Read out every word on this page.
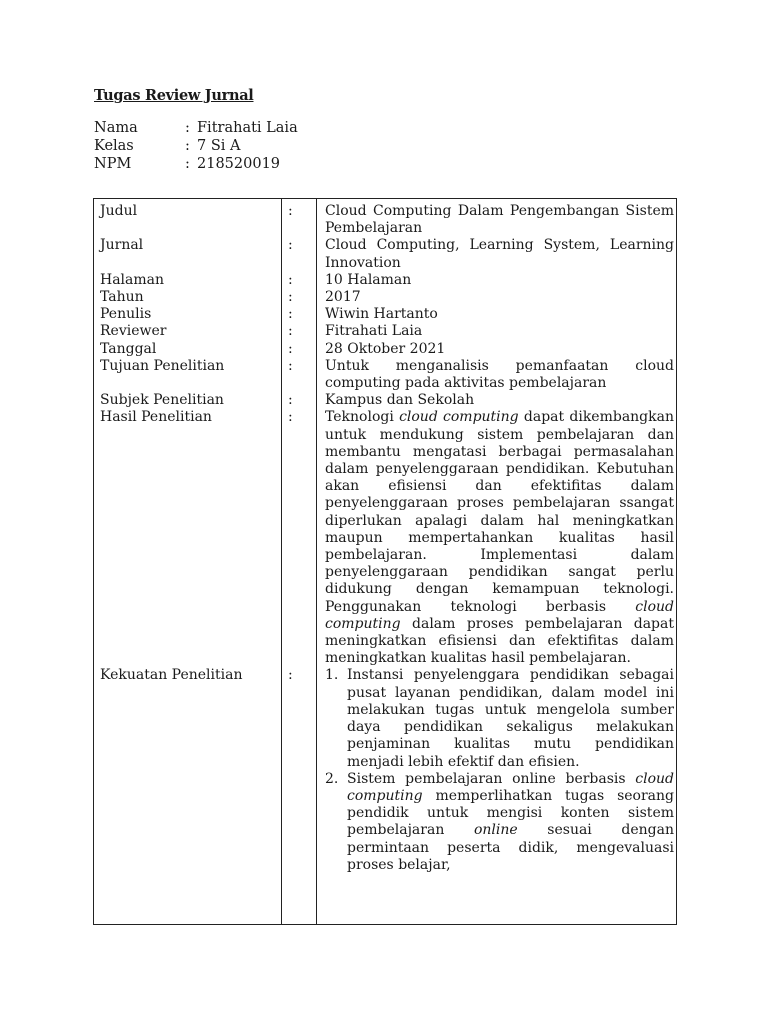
Tugas Review Jurnal
Nama	: Fitrahati Laia
Kelas	: 7 Si A
NPM	: 218520019
Judul	:	Cloud Computing Dalam Pengembangan Sistem Pembelajaran
Jurnal	:	Cloud Computing, Learning System, Learning Innovation
Halaman	:	10 Halaman
Tahun	:	2017
Penulis	:	Wiwin Hartanto
Reviewer	:	Fitrahati Laia
Tanggal	:	28 Oktober 2021
Tujuan Penelitian	:	Untuk menganalisis pemanfaatan cloud computing pada aktivitas pembelajaran
Subjek Penelitian	:	Kampus dan Sekolah
Hasil Penelitian	:	Teknologi cloud computing dapat dikembangkan untuk mendukung sistem pembelajaran dan membantu mengatasi berbagai permasalahan dalam penyelenggaraan pendidikan. Kebutuhan akan efisiensi dan efektifitas dalam penyelenggaraan proses pembelajaran ssangat diperlukan apalagi dalam hal meningkatkan maupun mempertahankan kualitas hasil pembelajaran. Implementasi dalam penyelenggaraan pendidikan sangat perlu didukung dengan kemampuan teknologi. Penggunakan teknologi berbasis cloud computing dalam proses pembelajaran dapat meningkatkan efisiensi dan efektifitas dalam meningkatkan kualitas hasil pembelajaran.
Kekuatan Penelitian	:	1. Instansi penyelenggara pendidikan sebagai pusat layanan pendidikan, dalam model ini melakukan tugas untuk mengelola sumber daya pendidikan sekaligus melakukan penjaminan kualitas mutu pendidikan menjadi lebih efektif dan efisien.
2. Sistem pembelajaran online berbasis cloud computing memperlihatkan tugas seorang pendidik untuk mengisi konten sistem pembelajaran online sesuai dengan permintaan peserta didik, mengevaluasi proses belajar,
